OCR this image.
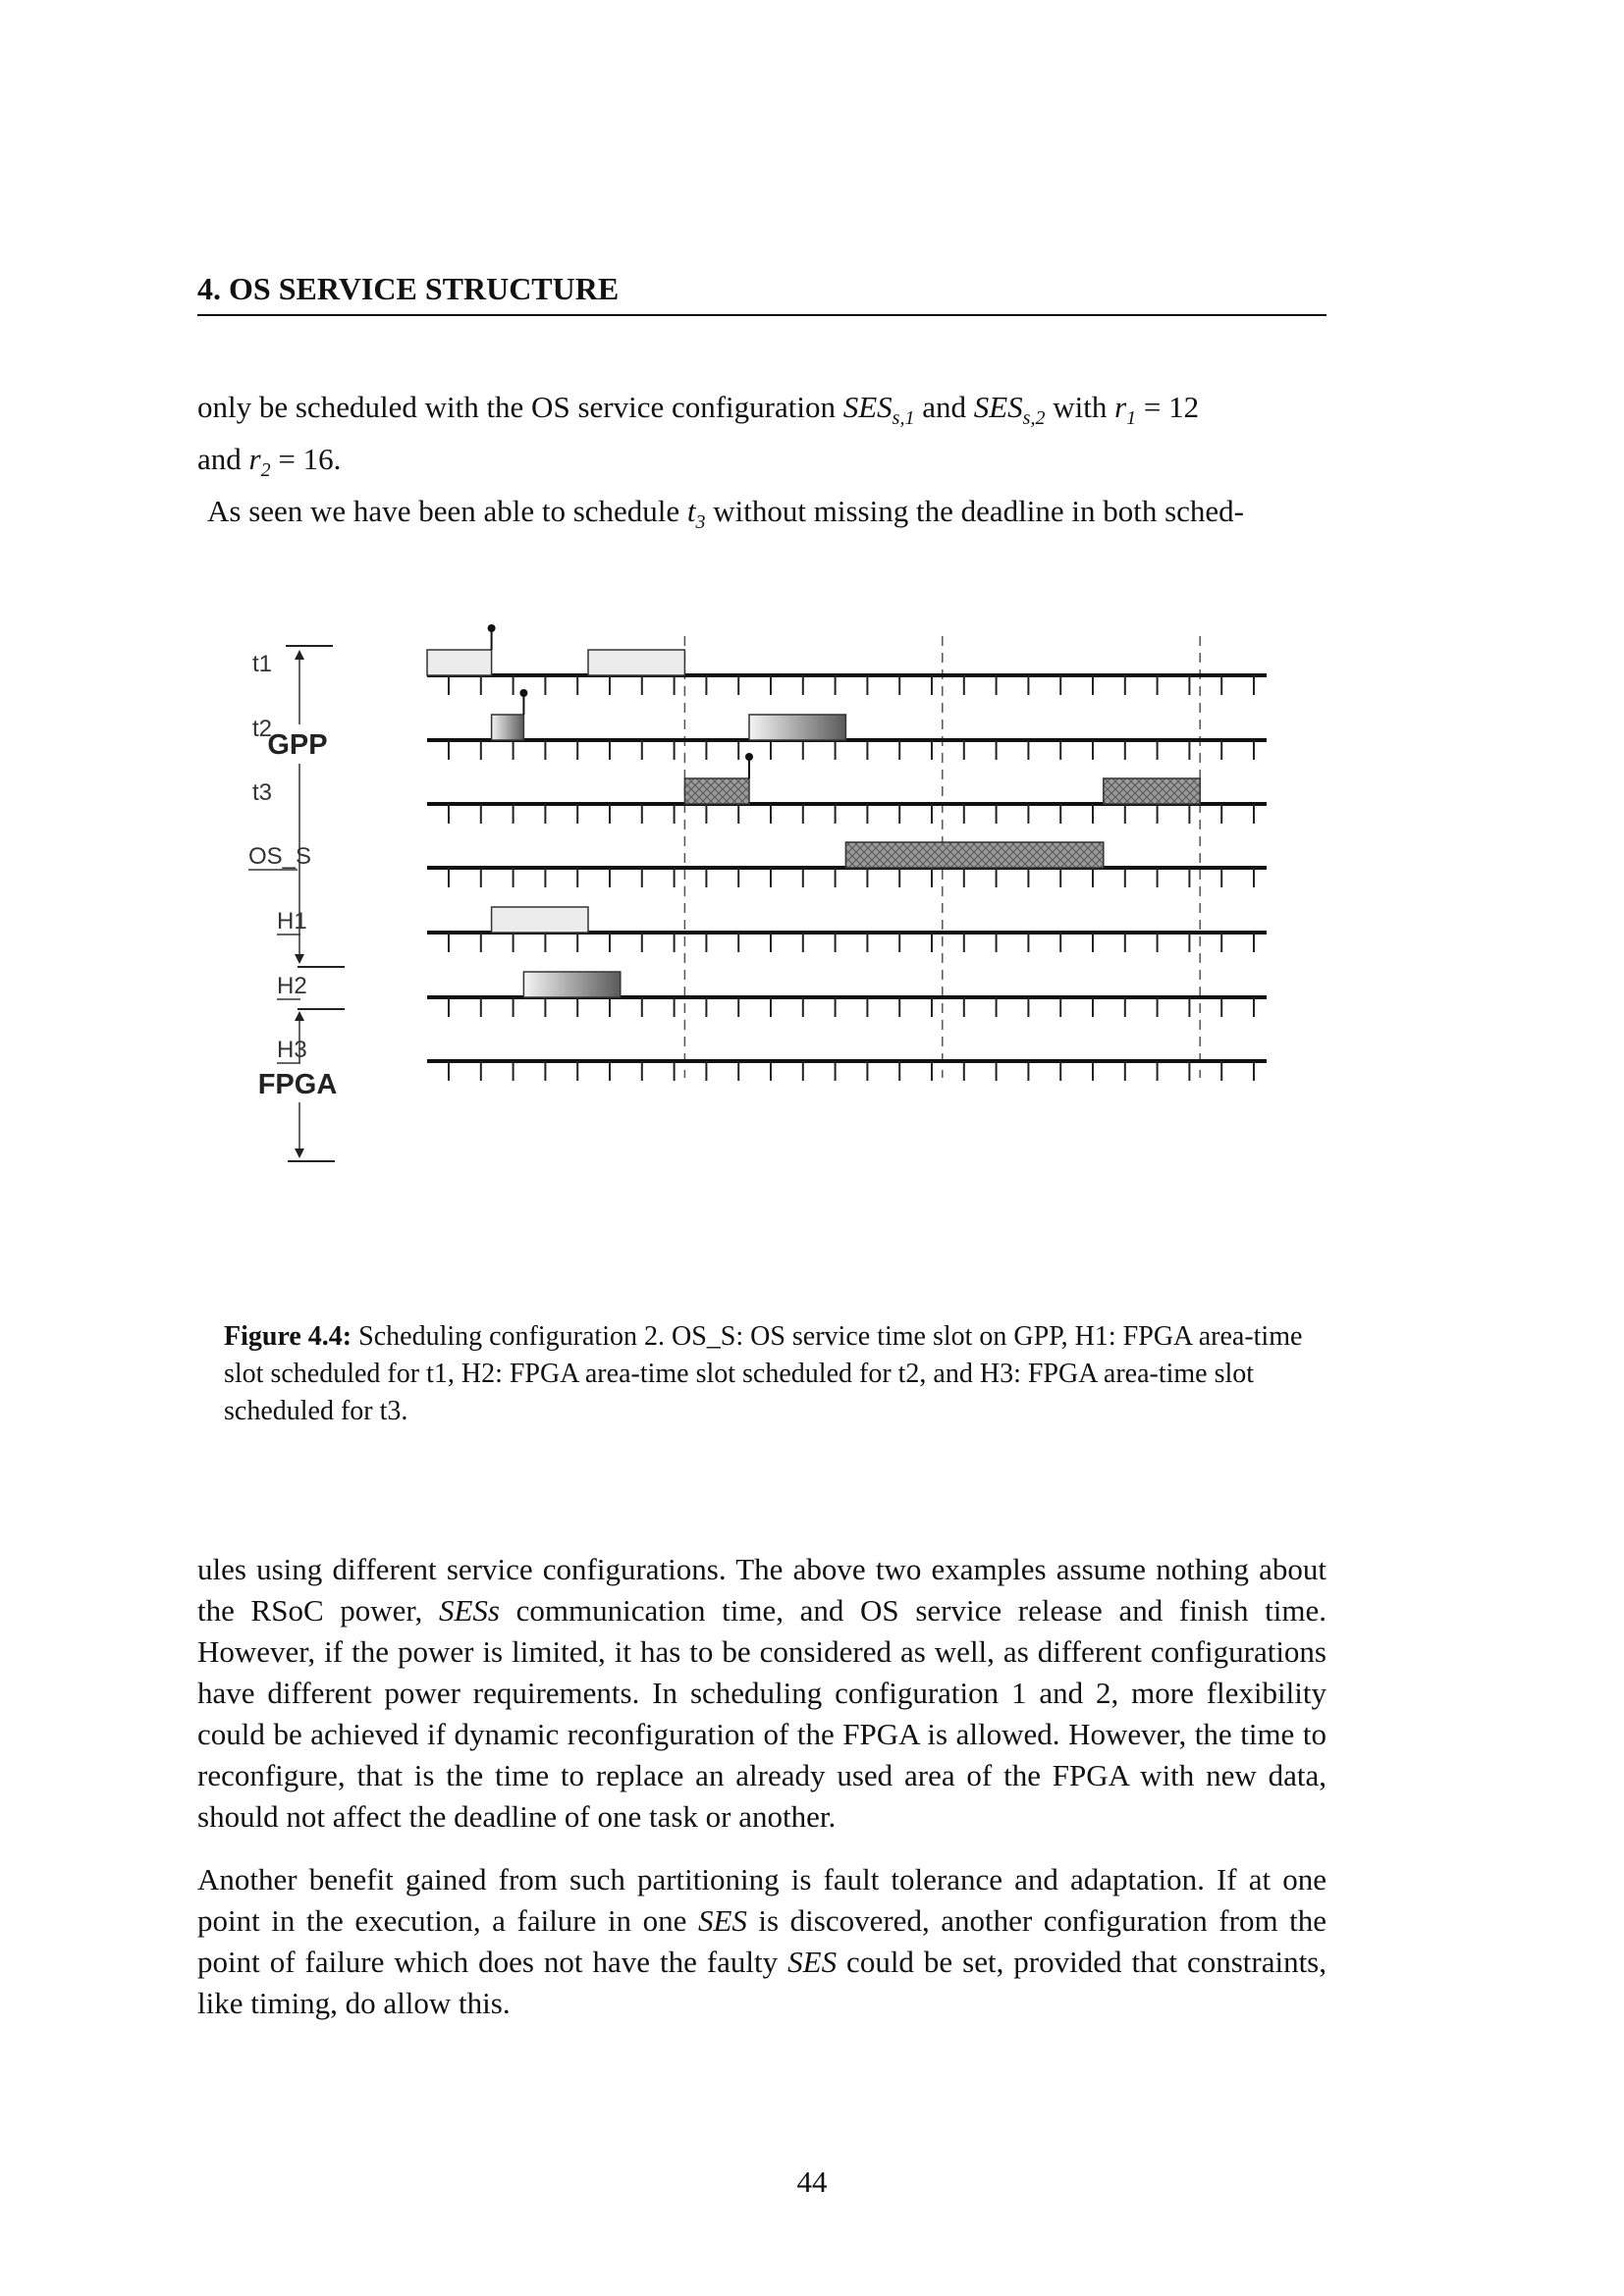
4. OS SERVICE STRUCTURE

only be scheduled with the OS service configuration $SES_{s,1}$ and $SES_{s,2}$ with $r_1 = 12$

and $r_2 = 16$.

As seen we have been able to schedule $t_3$ without missing the deadline in both sched-

t1
t2
t3
OS_S
H1
H2
H3
GPP
FPGA
Figure 4.4: Scheduling configuration 2. OS_S: OS service time slot on GPP, H1: FPGA area-time slot scheduled for t1, H2: FPGA area-time slot scheduled for t2, and H3: FPGA area-time slot scheduled for t3.

ules using different service configurations. The above two examples assume nothing about the RSoC power, SESs communication time, and OS service release and finish time. However, if the power is limited, it has to be considered as well, as different configurations have different power requirements. In scheduling configuration 1 and 2, more flexibility could be achieved if dynamic reconfiguration of the FPGA is allowed. However, the time to reconfigure, that is the time to replace an already used area of the FPGA with new data, should not affect the deadline of one task or another.

Another benefit gained from such partitioning is fault tolerance and adaptation. If at one point in the execution, a failure in one SES is discovered, another configuration from the point of failure which does not have the faulty SES could be set, provided that constraints, like timing, do allow this.

44
